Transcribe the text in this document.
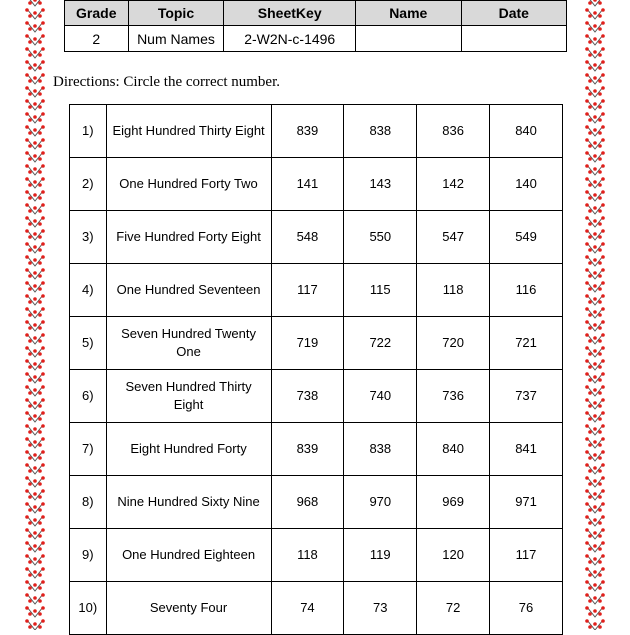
Grade	Topic	SheetKey	Name	Date
2	Num Names	2-W2N-c-1496		
Directions: Circle the correct number.
1)	Eight Hundred Thirty Eight	839	838	836	840
2)	One Hundred Forty Two	141	143	142	140
3)	Five Hundred Forty Eight	548	550	547	549
4)	One Hundred Seventeen	117	115	118	116
5)	Seven Hundred Twenty One	719	722	720	721
6)	Seven Hundred Thirty Eight	738	740	736	737
7)	Eight Hundred Forty	839	838	840	841
8)	Nine Hundred Sixty Nine	968	970	969	971
9)	One Hundred Eighteen	118	119	120	117
10)	Seventy Four	74	73	72	76
